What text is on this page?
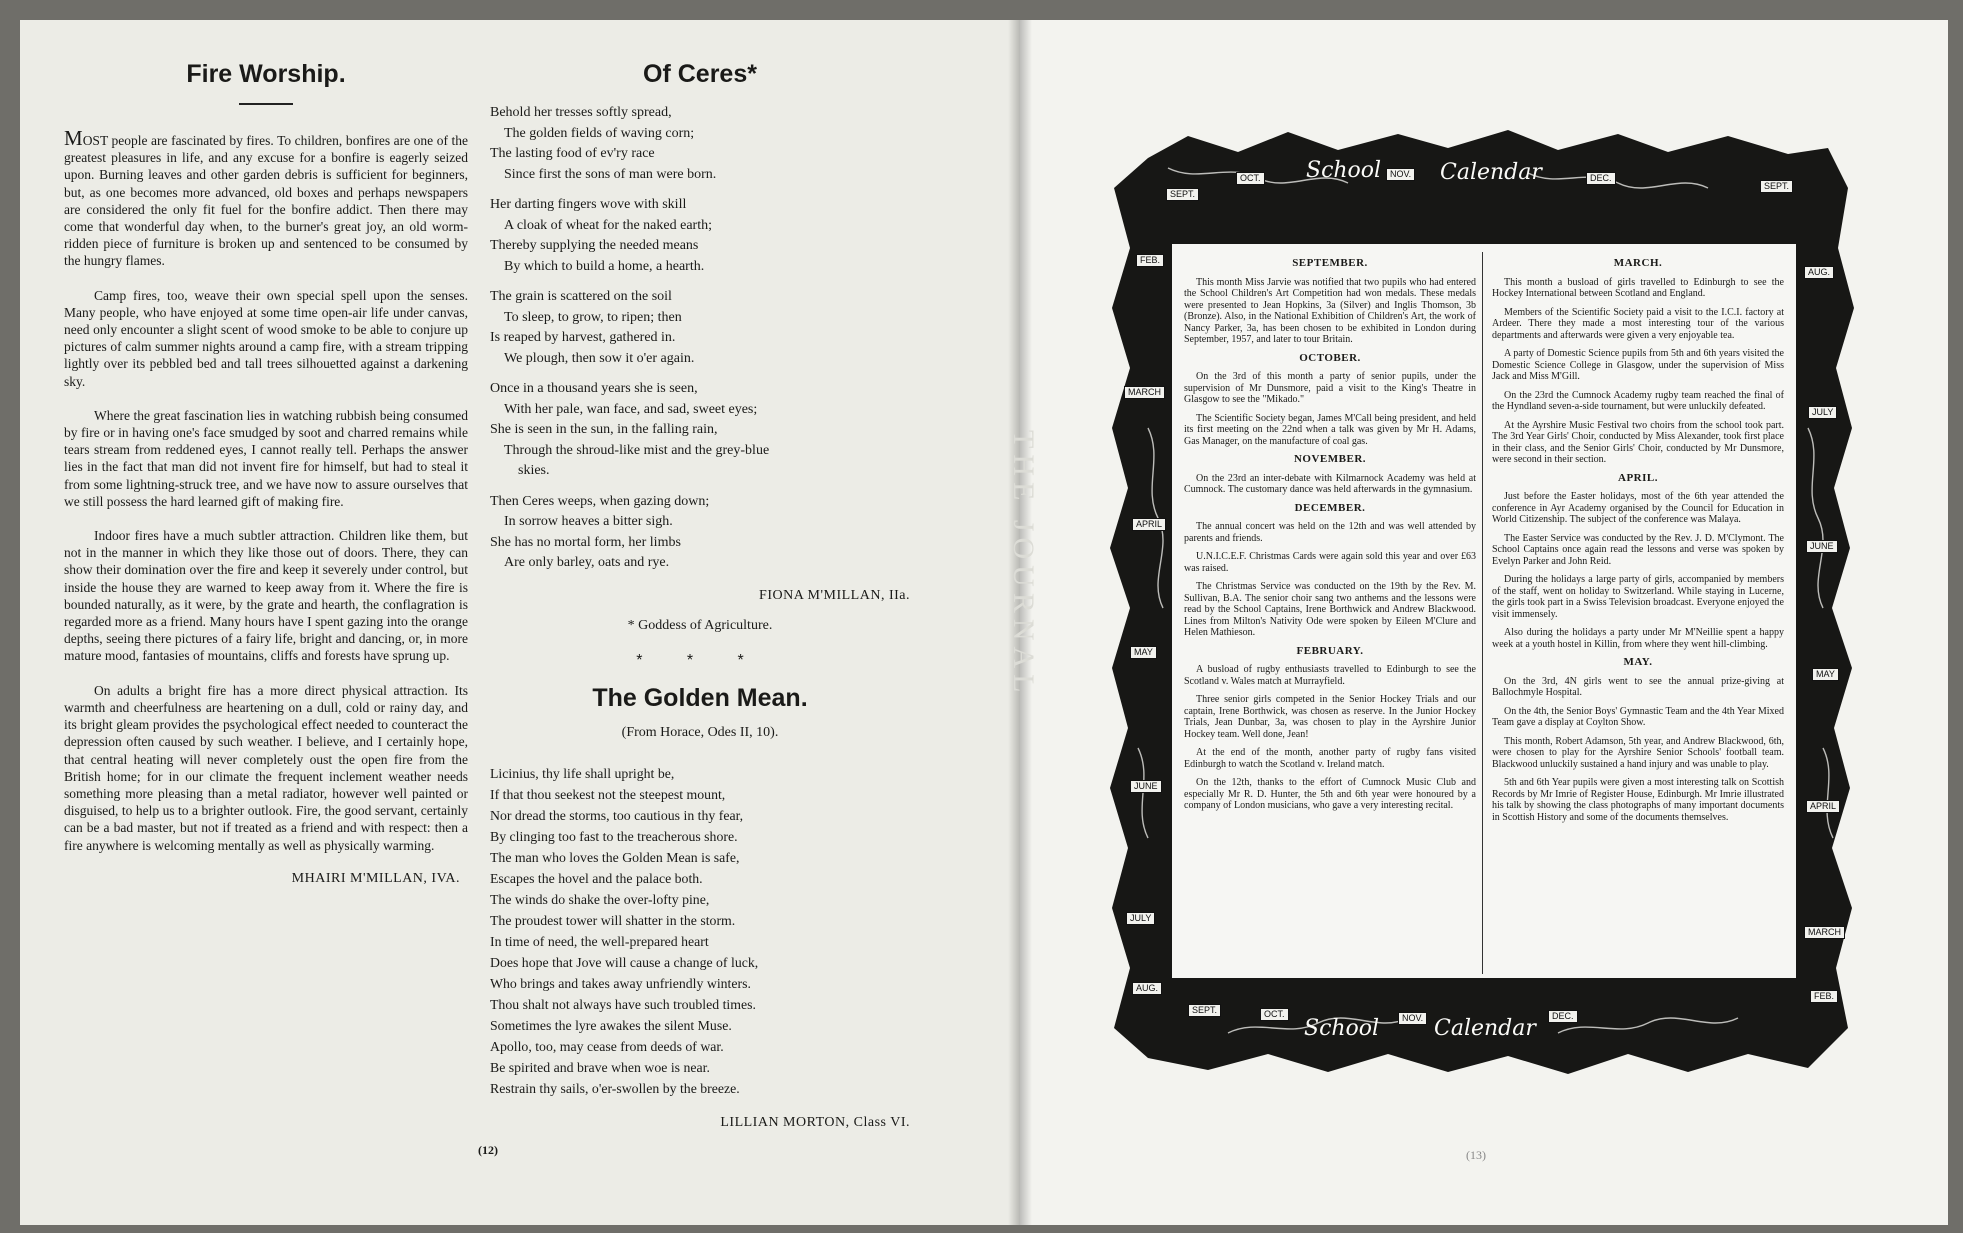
Fire Worship.

MOST people are fascinated by fires. To children, bonfires are one of the greatest pleasures in life, and any excuse for a bonfire is eagerly seized upon. Burning leaves and other garden debris is sufficient for beginners, but, as one becomes more advanced, old boxes and perhaps newspapers are considered the only fit fuel for the bonfire addict. Then there may come that wonderful day when, to the burner's great joy, an old worm-ridden piece of furniture is broken up and sentenced to be consumed by the hungry flames.

Camp fires, too, weave their own special spell upon the senses. Many people, who have enjoyed at some time open-air life under canvas, need only encounter a slight scent of wood smoke to be able to conjure up pictures of calm summer nights around a camp fire, with a stream tripping lightly over its pebbled bed and tall trees silhouetted against a darkening sky.

Where the great fascination lies in watching rubbish being consumed by fire or in having one's face smudged by soot and charred remains while tears stream from reddened eyes, I cannot really tell. Perhaps the answer lies in the fact that man did not invent fire for himself, but had to steal it from some lightning-struck tree, and we have now to assure ourselves that we still possess the hard learned gift of making fire.

Indoor fires have a much subtler attraction. Children like them, but not in the manner in which they like those out of doors. There, they can show their domination over the fire and keep it severely under control, but inside the house they are warned to keep away from it. Where the fire is bounded naturally, as it were, by the grate and hearth, the conflagration is regarded more as a friend. Many hours have I spent gazing into the orange depths, seeing there pictures of a fairy life, bright and dancing, or, in more mature mood, fantasies of mountains, cliffs and forests have sprung up.

On adults a bright fire has a more direct physical attraction. Its warmth and cheerfulness are heartening on a dull, cold or rainy day, and its bright gleam provides the psychological effect needed to counteract the depression often caused by such weather. I believe, and I certainly hope, that central heating will never completely oust the open fire from the British home; for in our climate the frequent inclement weather needs something more pleasing than a metal radiator, however well painted or disguised, to help us to a brighter outlook. Fire, the good servant, certainly can be a bad master, but not if treated as a friend and with respect: then a fire anywhere is welcoming mentally as well as physically warming.

MHAIRI M'MILLAN, IVA.
Of Ceres*
Behold her tresses softly spread,
The golden fields of waving corn;
The lasting food of ev'ry race
Since first the sons of man were born.
Her darting fingers wove with skill
A cloak of wheat for the naked earth;
Thereby supplying the needed means
By which to build a home, a hearth.
The grain is scattered on the soil
To sleep, to grow, to ripen; then
Is reaped by harvest, gathered in.
We plough, then sow it o'er again.
Once in a thousand years she is seen,
With her pale, wan face, and sad, sweet eyes;
She is seen in the sun, in the falling rain,
Through the shroud-like mist and the grey-blue
skies.
Then Ceres weeps, when gazing down;
In sorrow heaves a bitter sigh.
She has no mortal form, her limbs
Are only barley, oats and rye.
FIONA M'MILLAN, IIa.
* Goddess of Agriculture.
* * *
The Golden Mean.
(From Horace, Odes II, 10).
Licinius, thy life shall upright be,
If that thou seekest not the steepest mount,
Nor dread the storms, too cautious in thy fear,
By clinging too fast to the treacherous shore.
The man who loves the Golden Mean is safe,
Escapes the hovel and the palace both.
The winds do shake the over-lofty pine,
The proudest tower will shatter in the storm.
In time of need, the well-prepared heart
Does hope that Jove will cause a change of luck,
Who brings and takes away unfriendly winters.
Thou shalt not always have such troubled times.
Sometimes the lyre awakes the silent Muse.
Apollo, too, may cease from deeds of war.
Be spirited and brave when woe is near.
Restrain thy sails, o'er-swollen by the breeze.
LILLIAN MORTON, Class VI.
(12)
THE
School	Calendar
School Calendar
FEB.
MARCH
APRIL
MAY
JUNE
JULY
AUG.
AUG.
JULY
JUNE
MAY
APRIL
MARCH
FEB.
SEPT.
OCT.	NOV.	DEC.
SEPT.
SEPT.	OCT.	NOV.	DEC.
SEPTEMBER.

This month Miss Jarvie was notified that two pupils who had entered the School Children's Art Competition had won medals. These medals were presented to Jean Hopkins, 3a (Silver) and Inglis Thomson, 3b (Bronze). Also, in the National Exhibition of Children's Art, the work of Nancy Parker, 3a, has been chosen to be exhibited in London during September, 1957, and later to tour Britain.

OCTOBER.

On the 3rd of this month a party of senior pupils, under the supervision of Mr Dunsmore, paid a visit to the King's Theatre in Glasgow to see the "Mikado."

The Scientific Society began, James M'Call being president, and held its first meeting on the 22nd when a talk was given by Mr H. Adams, Gas Manager, on the manufacture of coal gas.

NOVEMBER.

On the 23rd an inter-debate with Kilmarnock Academy was held at Cumnock. The customary dance was held afterwards in the gymnasium.

DECEMBER.

The annual concert was held on the 12th and was well attended by parents and friends.

U.N.I.C.E.F. Christmas Cards were again sold this year and over £63 was raised.

The Christmas Service was conducted on the 19th by the Rev. M. Sullivan, B.A. The senior choir sang two anthems and the lessons were read by the School Captains, Irene Borthwick and Andrew Blackwood. Lines from Milton's Nativity Ode were spoken by Eileen M'Clure and Helen Mathieson.

FEBRUARY.

A busload of rugby enthusiasts travelled to Edinburgh to see the Scotland v. Wales match at Murrayfield.

Three senior girls competed in the Senior Hockey Trials and our captain, Irene Borthwick, was chosen as reserve. In the Junior Hockey Trials, Jean Dunbar, 3a, was chosen to play in the Ayrshire Junior Hockey team. Well done, Jean!

At the end of the month, another party of rugby fans visited Edinburgh to watch the Scotland v. Ireland match.

On the 12th, thanks to the effort of Cumnock Music Club and especially Mr R. D. Hunter, the 5th and 6th year were honoured by a company of London musicians, who gave a very interesting recital.

MARCH.

This month a busload of girls travelled to Edinburgh to see the Hockey International between Scotland and England.

Members of the Scientific Society paid a visit to the I.C.I. factory at Ardeer. There they made a most interesting tour of the various departments and afterwards were given a very enjoyable tea.

A party of Domestic Science pupils from 5th and 6th years visited the Domestic Science College in Glasgow, under the supervision of Miss Jack and Miss M'Gill.

On the 23rd the Cumnock Academy rugby team reached the final of the Hyndland seven-a-side tournament, but were unluckily defeated.

At the Ayrshire Music Festival two choirs from the school took part. The 3rd Year Girls' Choir, conducted by Miss Alexander, took first place in their class, and the Senior Girls' Choir, conducted by Mr Dunsmore, were second in their section.

APRIL.

Just before the Easter holidays, most of the 6th year attended the conference in Ayr Academy organised by the Council for Education in World Citizenship. The subject of the conference was Malaya.

The Easter Service was conducted by the Rev. J. D. M'Clymont. The School Captains once again read the lessons and verse was spoken by Evelyn Parker and John Reid.

During the holidays a large party of girls, accompanied by members of the staff, went on holiday to Switzerland. While staying in Lucerne, the girls took part in a Swiss Television broadcast. Everyone enjoyed the visit immensely.

Also during the holidays a party under Mr M'Neillie spent a happy week at a youth hostel in Killin, from where they went hill-climbing.

MAY.

On the 3rd, 4N girls went to see the annual prize-giving at Ballochmyle Hospital.

On the 4th, the Senior Boys' Gymnastic Team and the 4th Year Mixed Team gave a display at Coylton Show.

This month, Robert Adamson, 5th year, and Andrew Blackwood, 6th, were chosen to play for the Ayrshire Senior Schools' football team. Blackwood unluckily sustained a hand injury and was unable to play.

5th and 6th Year pupils were given a most interesting talk on Scottish Records by Mr Imrie of Register House, Edinburgh. Mr Imrie illustrated his talk by showing the class photographs of many important documents in Scottish History and some of the documents themselves.

(13)
